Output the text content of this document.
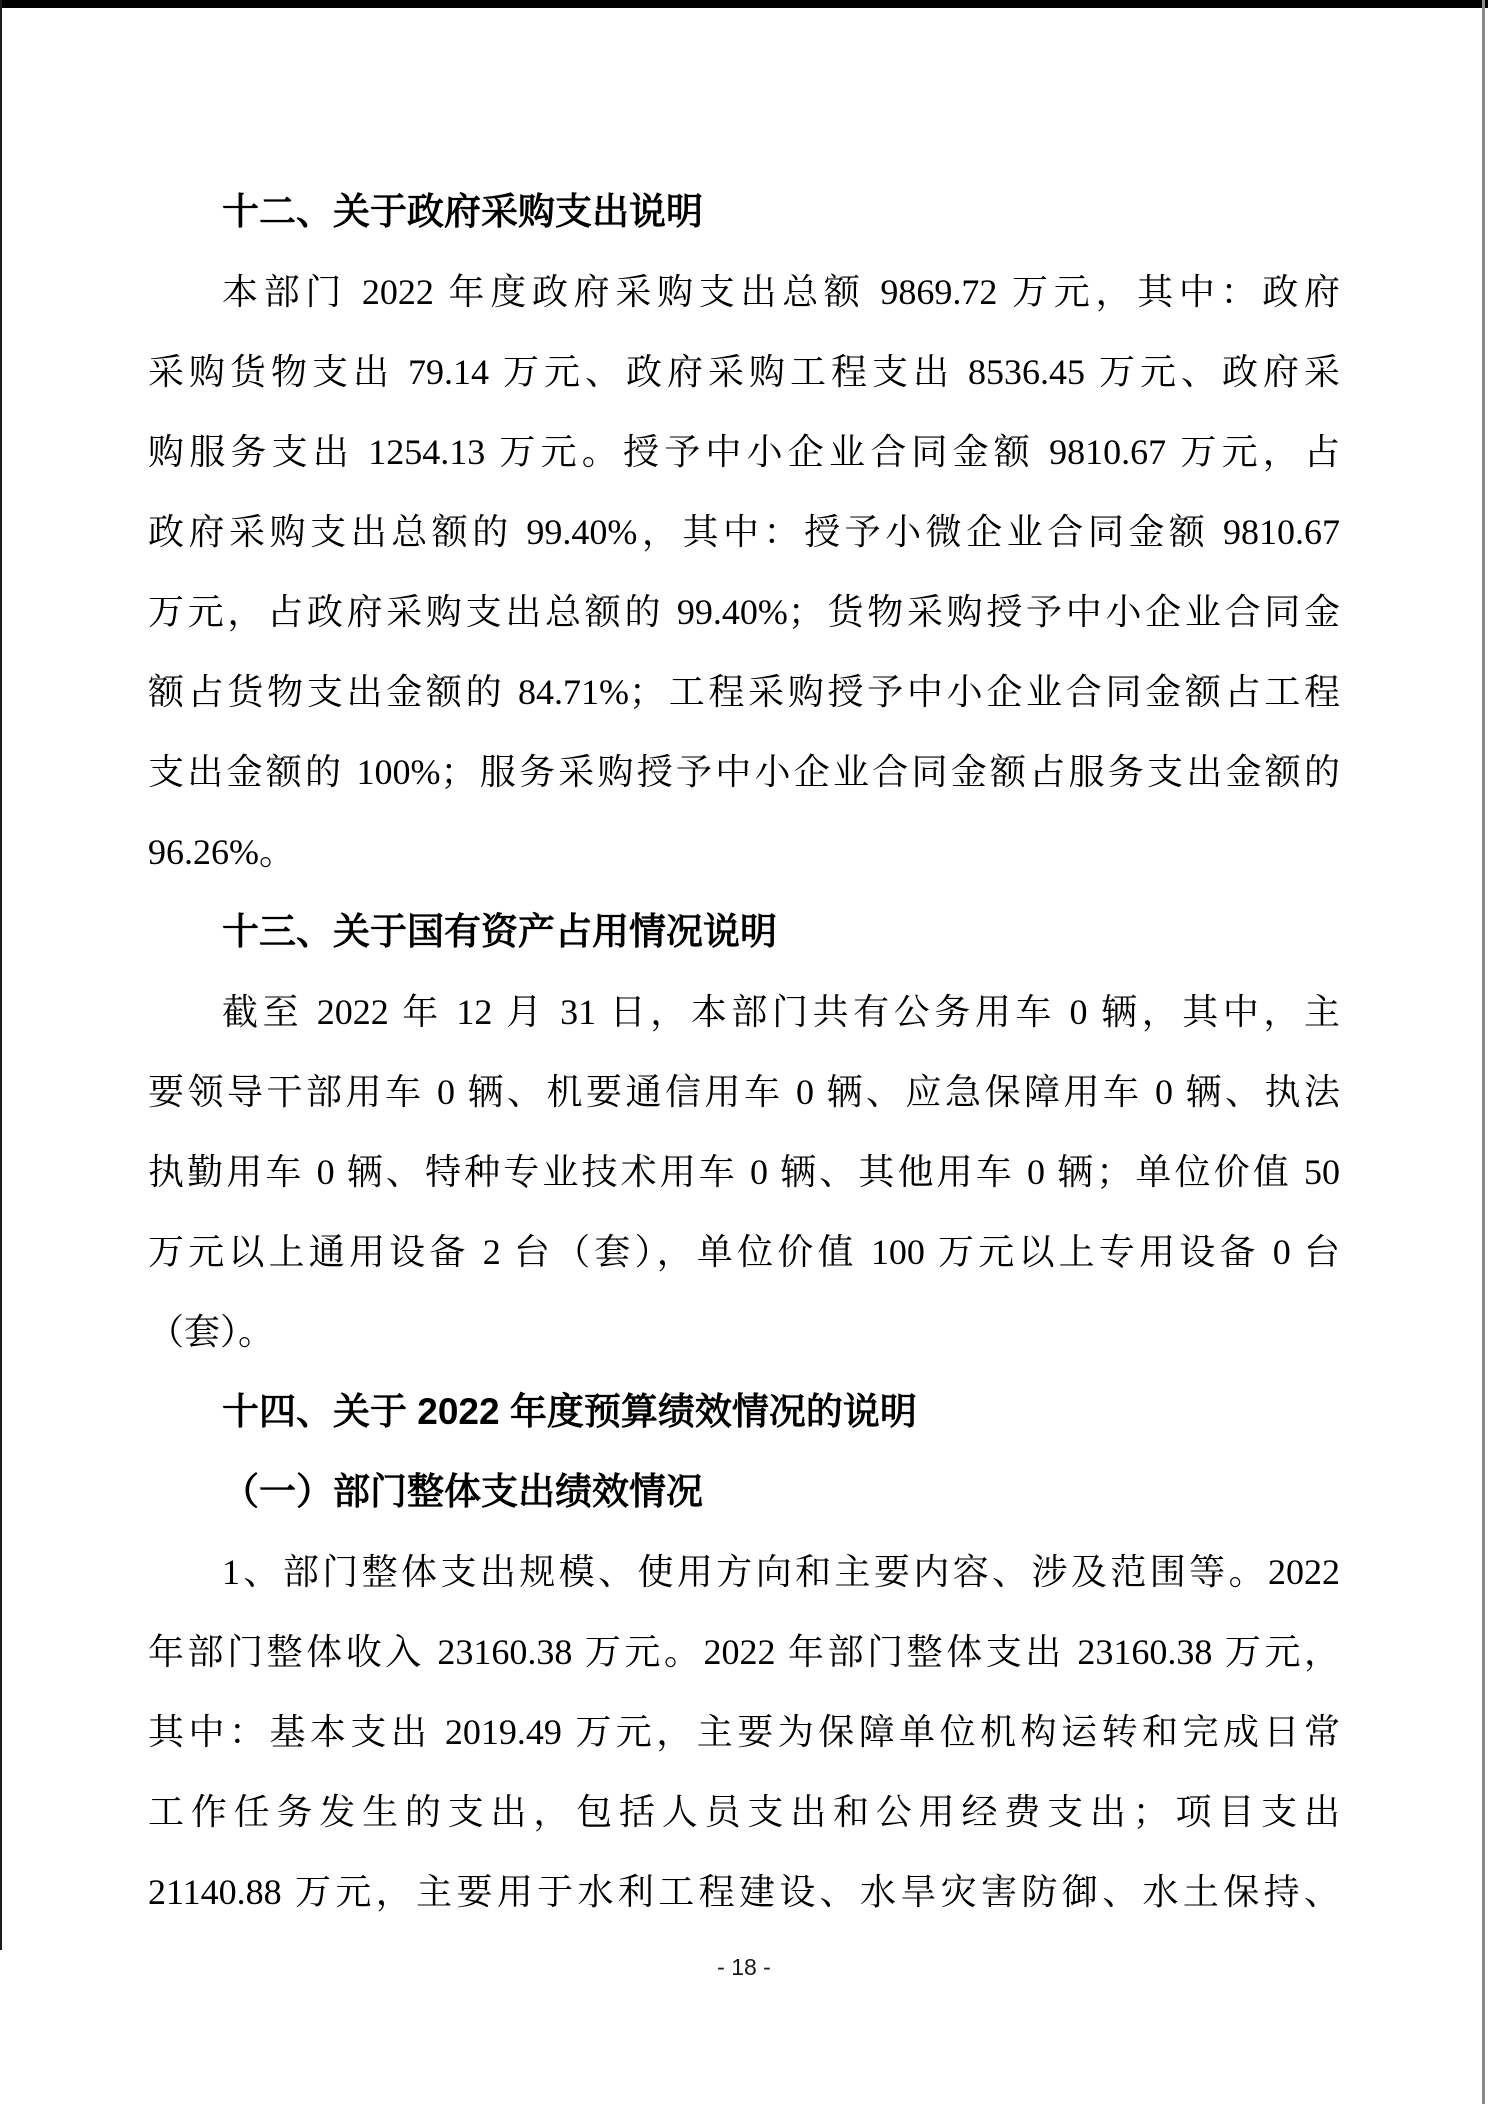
十二、关于政府采购支出说明
本部门 2022 年度政府采购支出总额 9869.72 万元，其中：政府
采购货物支出 79.14 万元、政府采购工程支出 8536.45 万元、政府采
购服务支出 1254.13 万元。授予中小企业合同金额 9810.67 万元，占
政府采购支出总额的 99.40%，其中：授予小微企业合同金额 9810.67
万元，占政府采购支出总额的 99.40%；货物采购授予中小企业合同金
额占货物支出金额的 84.71%；工程采购授予中小企业合同金额占工程
支出金额的 100%；服务采购授予中小企业合同金额占服务支出金额的
96.26%。
十三、关于国有资产占用情况说明
截至 2022 年 12 月 31 日，本部门共有公务用车 0 辆，其中，主
要领导干部用车 0 辆、机要通信用车 0 辆、应急保障用车 0 辆、执法
执勤用车 0 辆、特种专业技术用车 0 辆、其他用车 0 辆；单位价值 50
万元以上通用设备 2 台（套），单位价值 100 万元以上专用设备 0 台
（套）。
十四、关于 2022 年度预算绩效情况的说明
（一）部门整体支出绩效情况
1、部门整体支出规模、使用方向和主要内容、涉及范围等。2022
年部门整体收入 23160.38 万元。2022 年部门整体支出 23160.38 万元，
其中：基本支出 2019.49 万元，主要为保障单位机构运转和完成日常
工作任务发生的支出，包括人员支出和公用经费支出；项目支出
21140.88 万元，主要用于水利工程建设、水旱灾害防御、水土保持、
- 18 -
